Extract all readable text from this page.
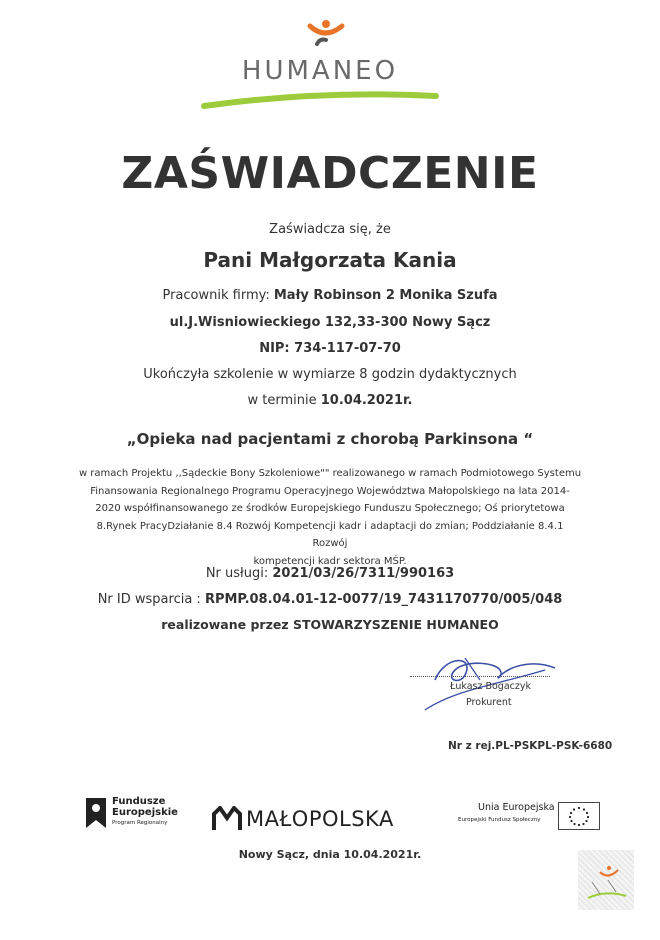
HUMANEO
ZAŚWIADCZENIE
Zaświadcza się, że
Pani Małgorzata Kania
Pracownik firmy: Mały Robinson 2 Monika Szufa
ul.J.Wisniowieckiego 132,33-300 Nowy Sącz
NIP: 734-117-07-70
Ukończyła szkolenie w wymiarze 8 godzin dydaktycznych
w terminie 10.04.2021r.
„Opieka nad pacjentami z chorobą Parkinsona “
w ramach Projektu ,,Sądeckie Bony Szkoleniowe"" realizowanego w ramach Podmiotowego Systemu
Finansowania Regionalnego Programu Operacyjnego Województwa Małopolskiego na lata 2014-
2020 współfinansowanego ze środków Europejskiego Funduszu Społecznego; Oś priorytetowa
8.Rynek PracyDziałanie 8.4 Rozwój Kompetencji kadr i adaptacji do zmian; Poddziałanie 8.4.1 Rozwój
kompetencji kadr sektora MŚP.
Nr usługi: 2021/03/26/7311/990163
Nr ID wsparcia : RPMP.08.04.01-12-0077/19_7431170770/005/048
realizowane przez STOWARZYSZENIE HUMANEO
Łukasz Bogaczyk
Prokurent
Nr z rej.PL-PSKPL-PSK-6680
Fundusze
Europejskie
Program Regionalny	MAŁOPOLSKA	Unia Europejska
Europejski Fundusz Społeczny
Nowy Sącz, dnia 10.04.2021r.
